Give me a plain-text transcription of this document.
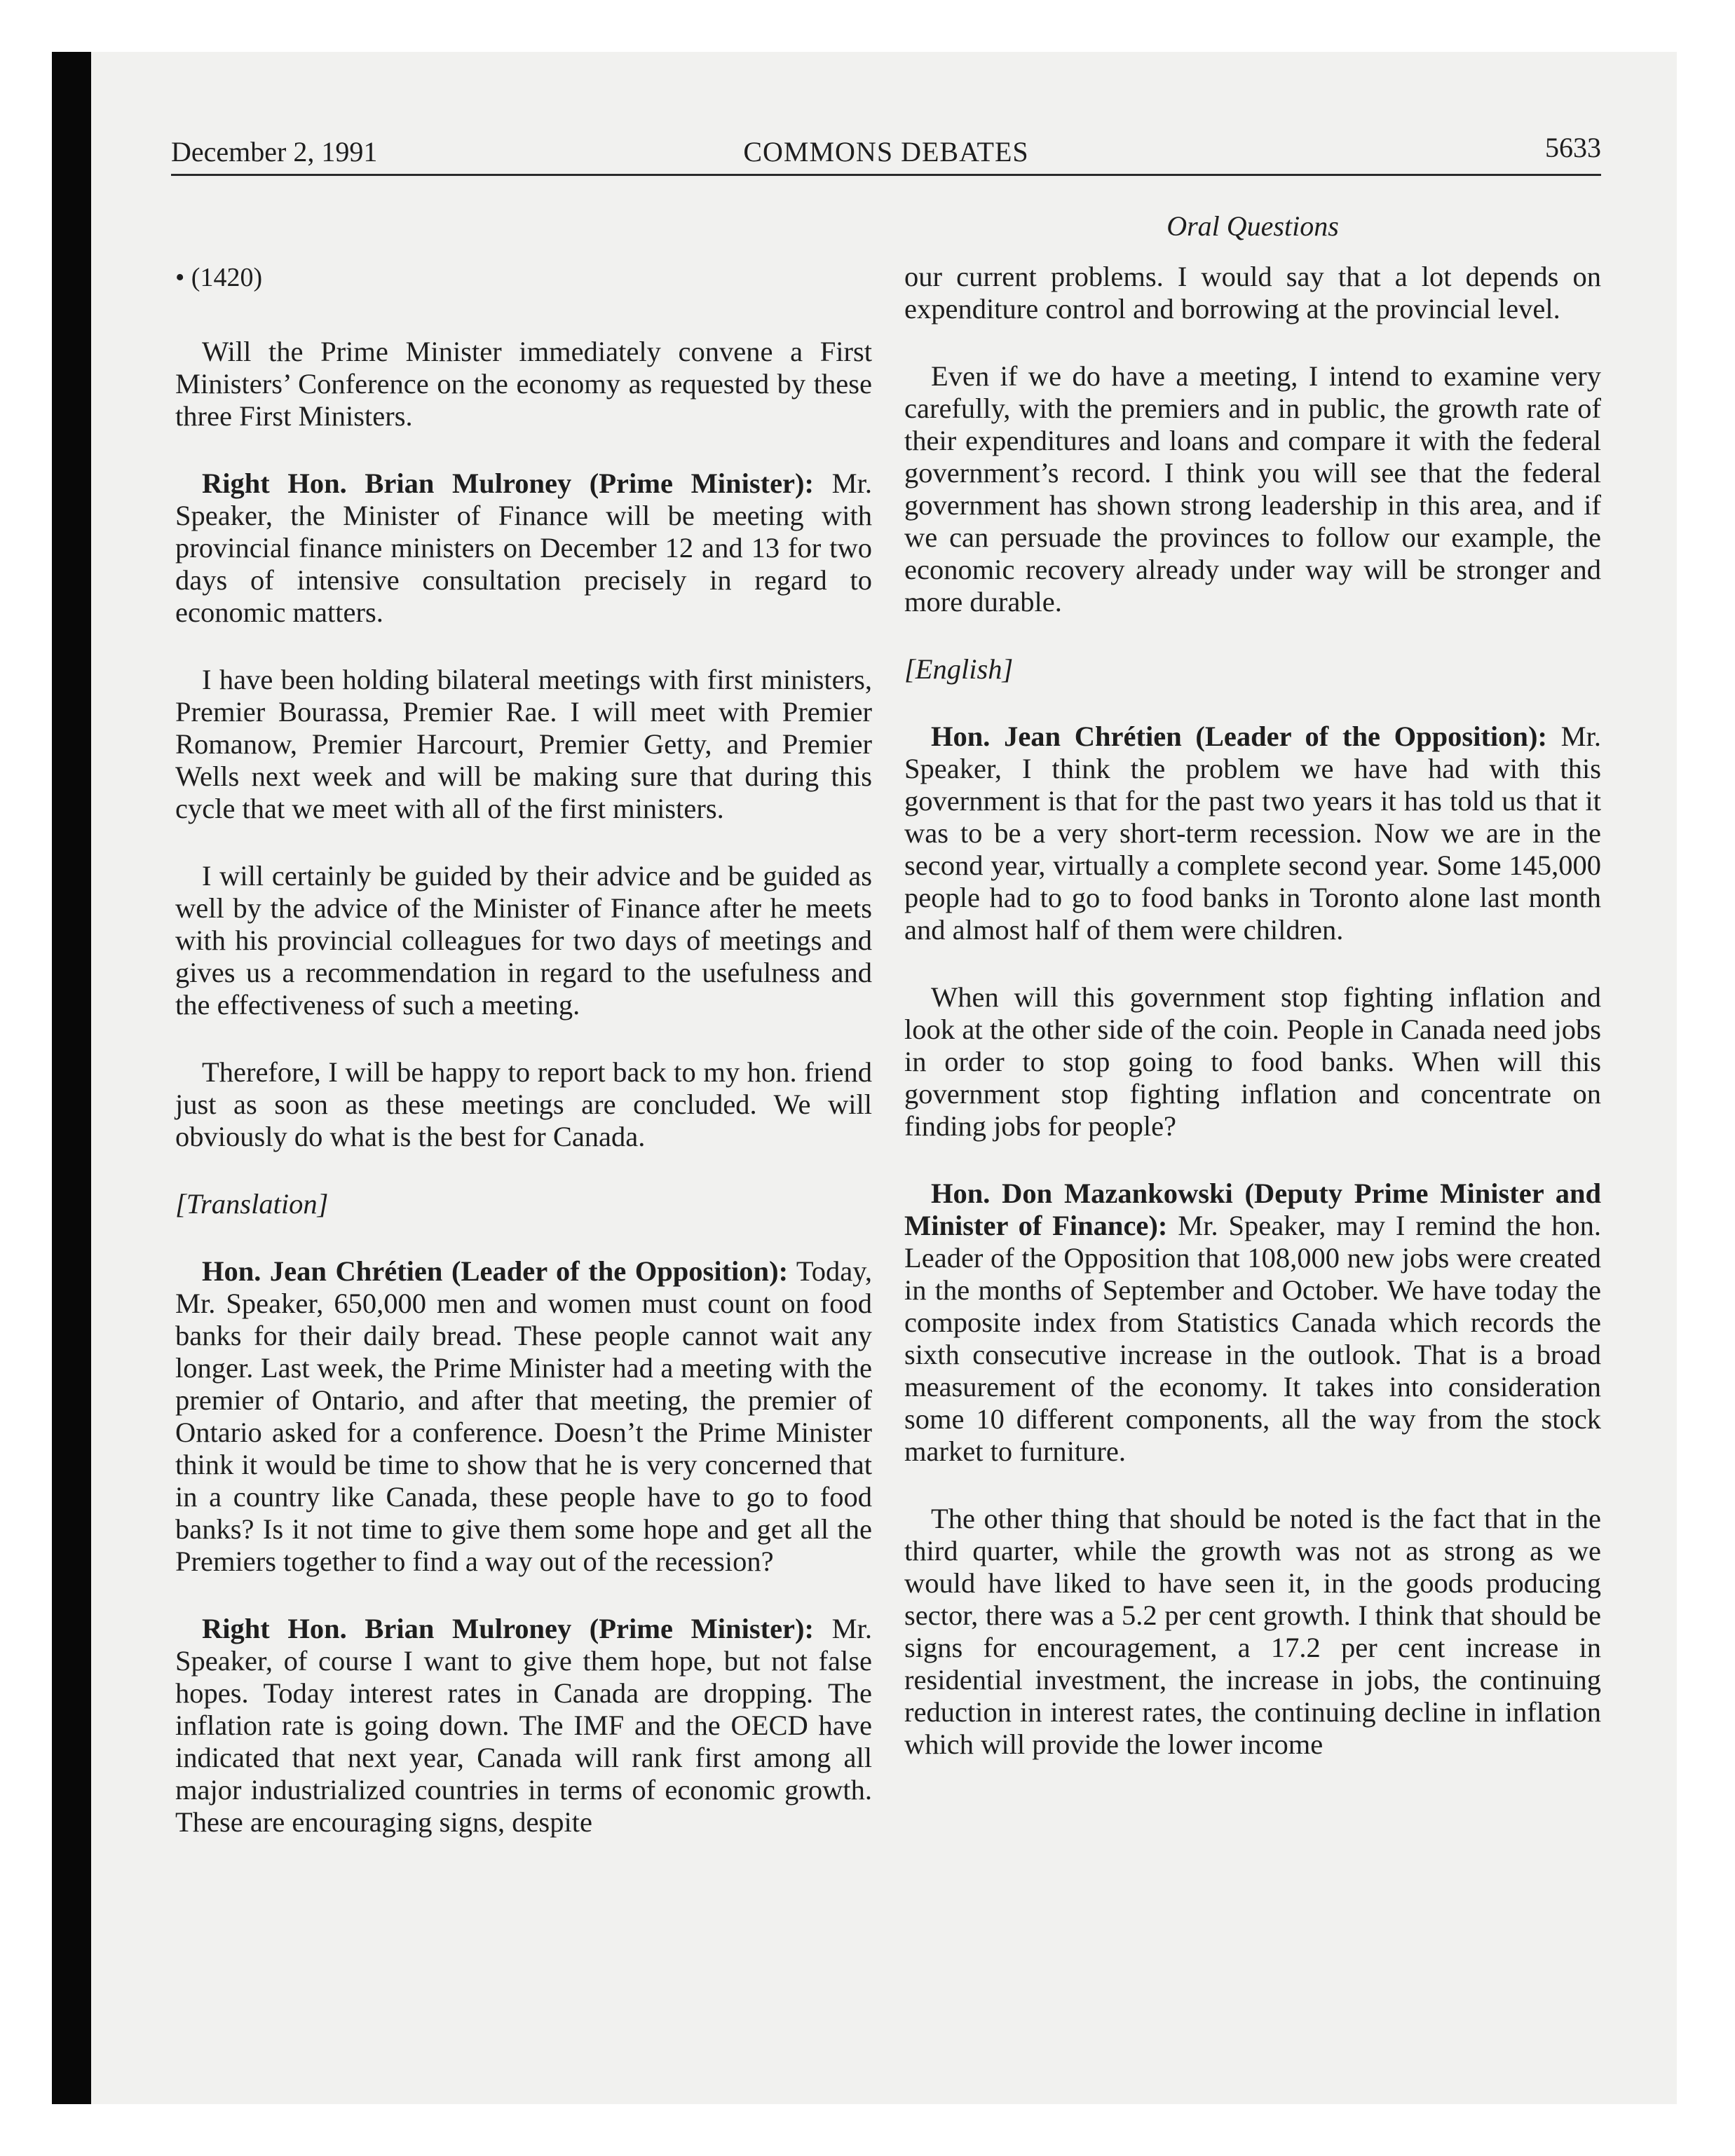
December 2, 1991	COMMONS DEBATES	5633
Oral Questions

• (1420)

Will the Prime Minister immediately convene a First Ministers’ Conference on the economy as requested by these three First Ministers.

Right Hon. Brian Mulroney (Prime Minister): Mr. Speaker, the Minister of Finance will be meeting with provincial finance ministers on December 12 and 13 for two days of intensive consultation precisely in regard to economic matters.

I have been holding bilateral meetings with first ministers, Premier Bourassa, Premier Rae. I will meet with Premier Romanow, Premier Harcourt, Premier Getty, and Premier Wells next week and will be making sure that during this cycle that we meet with all of the first ministers.

I will certainly be guided by their advice and be guided as well by the advice of the Minister of Finance after he meets with his provincial colleagues for two days of meetings and gives us a recommendation in regard to the usefulness and the effectiveness of such a meeting.

Therefore, I will be happy to report back to my hon. friend just as soon as these meetings are concluded. We will obviously do what is the best for Canada.

[Translation]

Hon. Jean Chrétien (Leader of the Opposition): Today, Mr. Speaker, 650,000 men and women must count on food banks for their daily bread. These people cannot wait any longer. Last week, the Prime Minister had a meeting with the premier of Ontario, and after that meeting, the premier of Ontario asked for a conference. Doesn’t the Prime Minister think it would be time to show that he is very concerned that in a country like Canada, these people have to go to food banks? Is it not time to give them some hope and get all the Premiers together to find a way out of the recession?

Right Hon. Brian Mulroney (Prime Minister): Mr. Speaker, of course I want to give them hope, but not false hopes. Today interest rates in Canada are dropping. The inflation rate is going down. The IMF and the OECD have indicated that next year, Canada will rank first among all major industrialized countries in terms of economic growth. These are encouraging signs, despite

our current problems. I would say that a lot depends on expenditure control and borrowing at the provincial level.

Even if we do have a meeting, I intend to examine very carefully, with the premiers and in public, the growth rate of their expenditures and loans and compare it with the federal government’s record. I think you will see that the federal government has shown strong leadership in this area, and if we can persuade the provinces to follow our example, the economic recovery already under way will be stronger and more durable.

[English]

Hon. Jean Chrétien (Leader of the Opposition): Mr. Speaker, I think the problem we have had with this government is that for the past two years it has told us that it was to be a very short-term recession. Now we are in the second year, virtually a complete second year. Some 145,000 people had to go to food banks in Toronto alone last month and almost half of them were children.

When will this government stop fighting inflation and look at the other side of the coin. People in Canada need jobs in order to stop going to food banks. When will this government stop fighting inflation and concentrate on finding jobs for people?

Hon. Don Mazankowski (Deputy Prime Minister and Minister of Finance): Mr. Speaker, may I remind the hon. Leader of the Opposition that 108,000 new jobs were created in the months of September and October. We have today the composite index from Statistics Canada which records the sixth consecutive increase in the outlook. That is a broad measurement of the economy. It takes into consideration some 10 different components, all the way from the stock market to furniture.

The other thing that should be noted is the fact that in the third quarter, while the growth was not as strong as we would have liked to have seen it, in the goods producing sector, there was a 5.2 per cent growth. I think that should be signs for encouragement, a 17.2 per cent increase in residential investment, the increase in jobs, the continuing reduction in interest rates, the continuing decline in inflation which will provide the lower income
